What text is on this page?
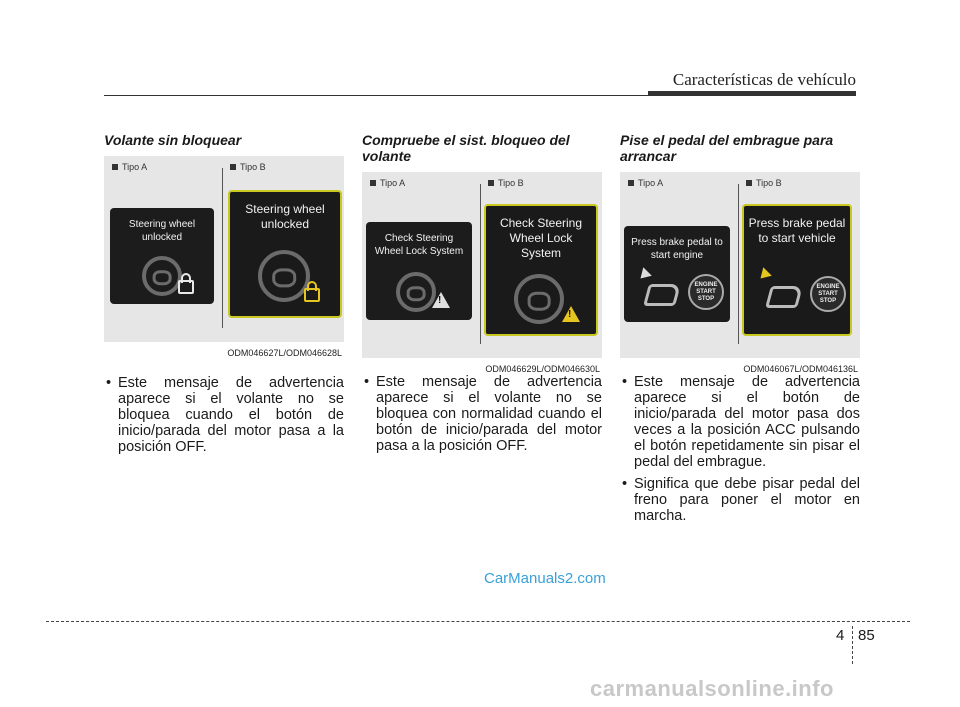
Características de vehículo
Volante sin bloquear
Tipo A	Tipo B
Steering wheel unlocked
Steering wheel unlocked
ODM046627L/ODM046628L
• Este mensaje de advertencia aparece si el volante no se bloquea cuando el botón de inicio/parada del motor pasa a la posición OFF.
Compruebe el sist. bloqueo del volante
Tipo A	Tipo B
Check Steering Wheel Lock System
!
Check Steering Wheel Lock System
!
ODM046629L/ODM046630L
• Este mensaje de advertencia aparece si el volante no se bloquea con normalidad cuando el botón de inicio/parada del motor pasa a la posición OFF.
Pise el pedal del embrague para arrancar
Tipo A	Tipo B
Press brake pedal to start engine
ENGINE START STOP
Press brake pedal to start vehicle
ENGINE START STOP
ODM046067L/ODM046136L
• Este mensaje de advertencia aparece si el botón de inicio/parada del motor pasa dos veces a la posición ACC pulsando el botón repetidamente sin pisar el pedal del embrague.
• Significa que debe pisar pedal del freno para poner el motor en marcha.
CarManuals2.com
4 85
carmanualsonline.info
